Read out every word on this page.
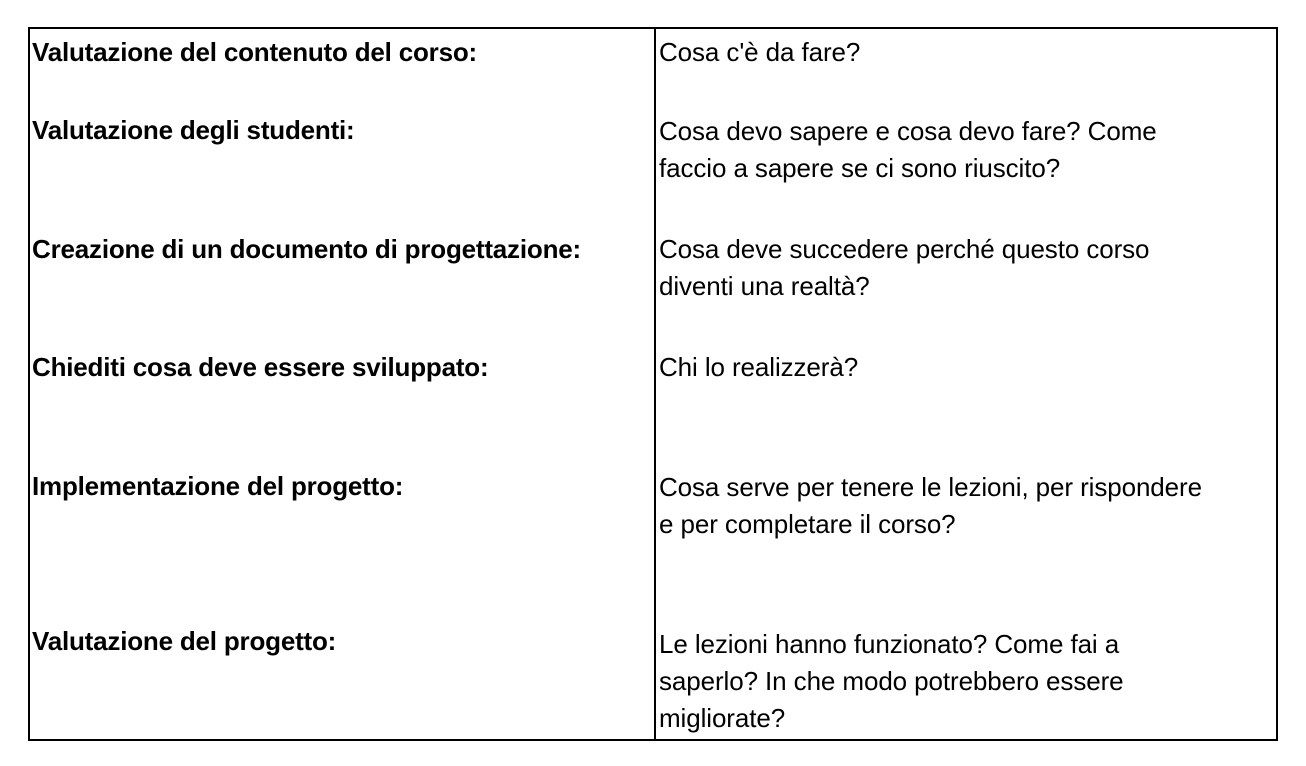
Valutazione del contenuto del corso:	Cosa c'è da fare?
Valutazione degli studenti:	Cosa devo sapere e cosa devo fare? Come
faccio a sapere se ci sono riuscito?
Creazione di un documento di progettazione:	Cosa deve succedere perché questo corso
diventi una realtà?
Chiediti cosa deve essere sviluppato:	Chi lo realizzerà?
Implementazione del progetto:	Cosa serve per tenere le lezioni, per rispondere
e per completare il corso?
Valutazione del progetto:	Le lezioni hanno funzionato? Come fai a
saperlo? In che modo potrebbero essere
migliorate?
